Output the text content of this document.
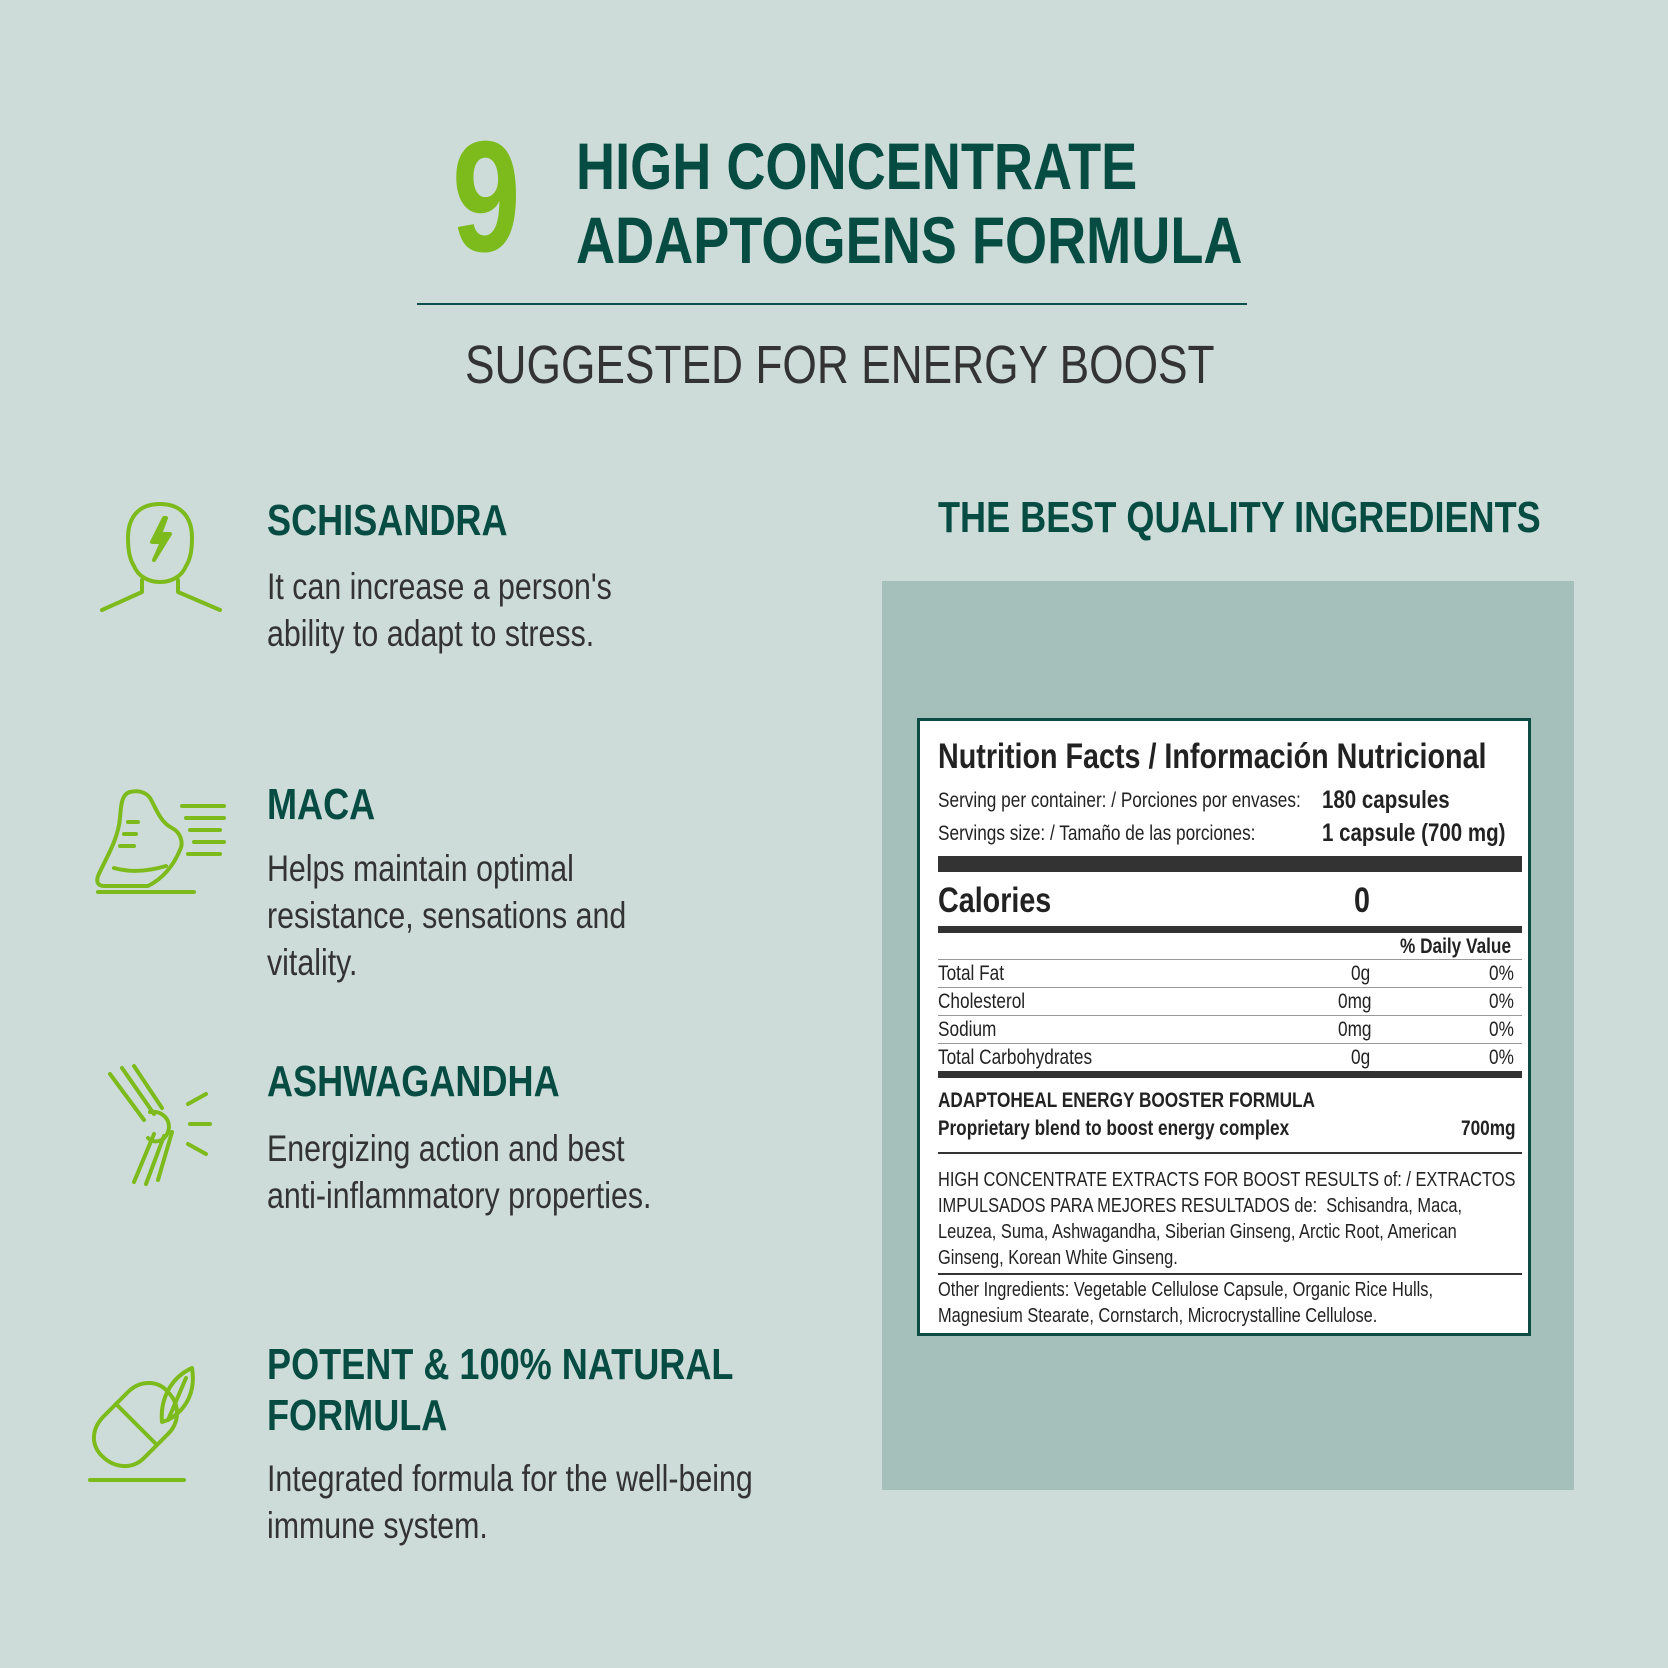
9 HIGH CONCENTRATE
ADAPTOGENS FORMULA
SUGGESTED FOR ENERGY BOOST
SCHISANDRA
It can increase a person's
ability to adapt to stress.
MACA
Helps maintain optimal
resistance, sensations and
vitality.
ASHWAGANDHA
Energizing action and best
anti-inflammatory properties.
POTENT & 100% NATURAL
FORMULA
Integrated formula for the well-being
immune system.
THE BEST QUALITY INGREDIENTS
Nutrition Facts / Información Nutricional
Serving per container: / Porciones por envases: 180 capsules
Servings size: / Tamaño de las porciones:	1 capsule (700 mg)
Calories	0
% Daily Value
Total Fat	0g	0%
Cholesterol	0mg	0%
Sodium	0mg	0%
Total Carbohydrates	0g	0%
ADAPTOHEAL ENERGY BOOSTER FORMULA
Proprietary blend to boost energy complex	700mg
HIGH CONCENTRATE EXTRACTS FOR BOOST RESULTS of: / EXTRACTOS
IMPULSADOS PARA MEJORES RESULTADOS de: Schisandra, Maca,
Leuzea, Suma, Ashwagandha, Siberian Ginseng, Arctic Root, American
Ginseng, Korean White Ginseng.
Other Ingredients: Vegetable Cellulose Capsule, Organic Rice Hulls,
Magnesium Stearate, Cornstarch, Microcrystalline Cellulose.
